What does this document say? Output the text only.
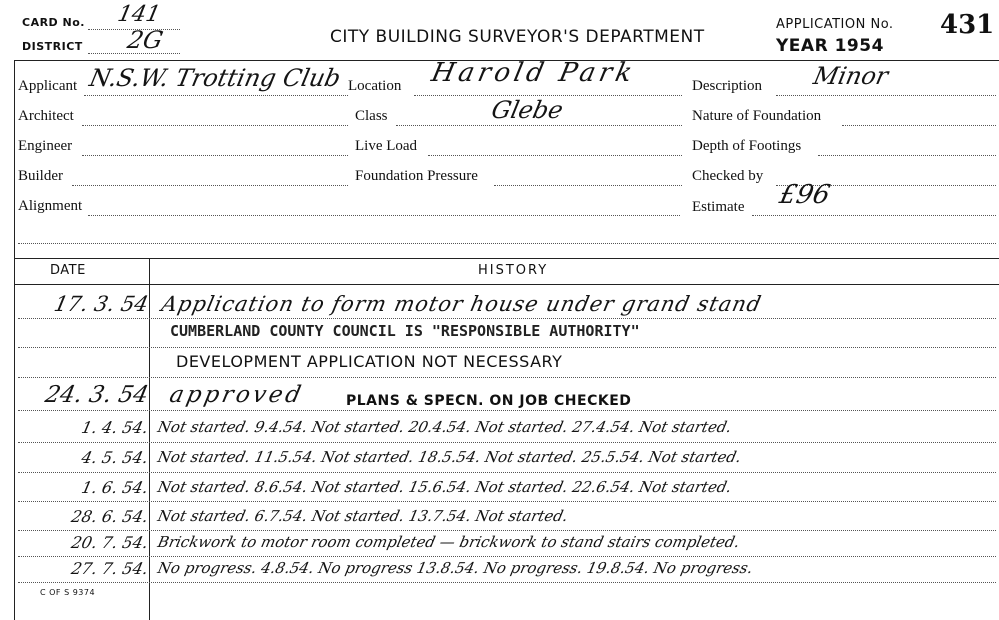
CARD No. 141
DISTRICT 2G	CITY BUILDING SURVEYOR'S DEPARTMENT
APPLICATION No. 431
YEAR 1954
Applicant N.S.W. Trotting Club
Architect
Engineer
Builder
Alignment
Location Harold Park
Class	Glebe
Live Load
Foundation Pressure
Description Minor
Nature of Foundation
Depth of Footings
Checked by
Estimate £96
DATE	HISTORY
17. 3. 54 Application to form motor house under grand stand
CUMBERLAND COUNTY COUNCIL IS "RESPONSIBLE AUTHORITY"
DEVELOPMENT APPLICATION NOT NECESSARY
24. 3. 54 approved	PLANS & SPECN. ON JOB CHECKED
1. 4. 54. Not started. 9.4.54. Not started. 20.4.54. Not started. 27.4.54. Not started.
4. 5. 54. Not started. 11.5.54. Not started. 18.5.54. Not started. 25.5.54. Not started.
1. 6. 54. Not started. 8.6.54. Not started. 15.6.54. Not started. 22.6.54. Not started.
28. 6. 54. Not started. 6.7.54. Not started. 13.7.54. Not started.
20. 7. 54. Brickwork to motor room completed — brickwork to stand stairs completed.
27. 7. 54. No progress. 4.8.54. No progress 13.8.54. No progress. 19.8.54. No progress.
C OF S 9374
